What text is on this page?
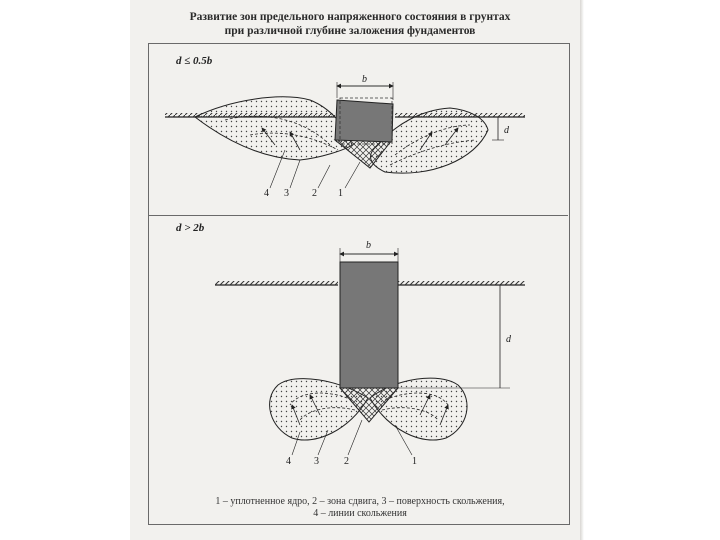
Развитие зон предельного напряженного состояния в грунтах
при различной глубине заложения фундаментов
d ≤ 0.5b
d > 2b
b
d
4 3 2 1
b
d
4 3	2	1
1 – уплотненное ядро, 2 – зона сдвига, 3 – поверхность скольжения,
4 – линии скольжения
